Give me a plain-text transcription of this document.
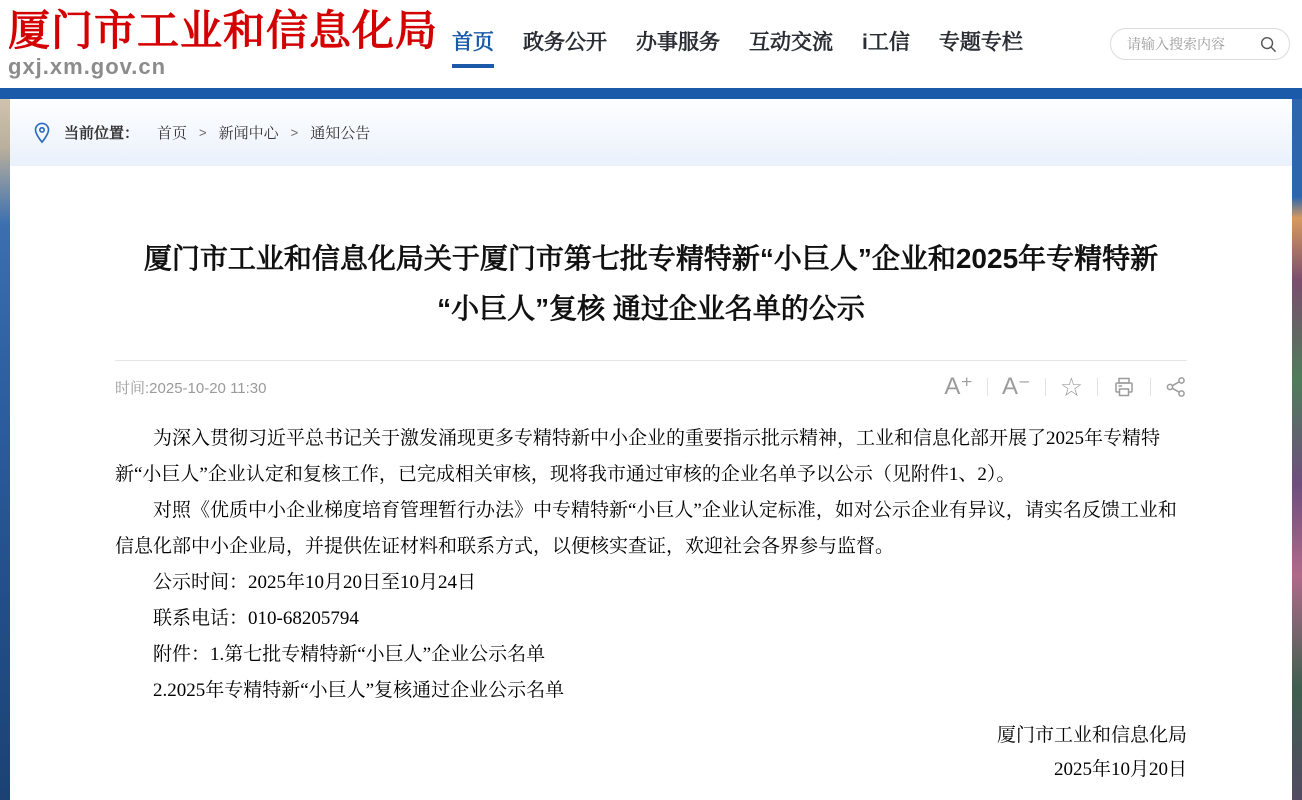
厦门市工业和信息化局
gxj.xm.gov.cn
首页 政务公开 办事服务 互动交流 i工信 专题专栏
请输入搜索内容
当前位置： 首页 > 新闻中心 > 通知公告
厦门市工业和信息化局关于厦门市第七批专精特新“小巨人”企业和2025年专精特新
“小巨人”复核 通过企业名单的公示
时间:2025-10-20 11:30	A⁺ A⁻ ☆

为深入贯彻习近平总书记关于激发涌现更多专精特新中小企业的重要指示批示精神，工业和信息化部开展了2025年专精特新“小巨人”企业认定和复核工作，已完成相关审核，现将我市通过审核的企业名单予以公示（见附件1、2）。

对照《优质中小企业梯度培育管理暂行办法》中专精特新“小巨人”企业认定标准，如对公示企业有异议，请实名反馈工业和信息化部中小企业局，并提供佐证材料和联系方式，以便核实查证，欢迎社会各界参与监督。

公示时间：2025年10月20日至10月24日

联系电话：010-68205794

附件：1.第七批专精特新“小巨人”企业公示名单

2.2025年专精特新“小巨人”复核通过企业公示名单

厦门市工业和信息化局
2025年10月20日
